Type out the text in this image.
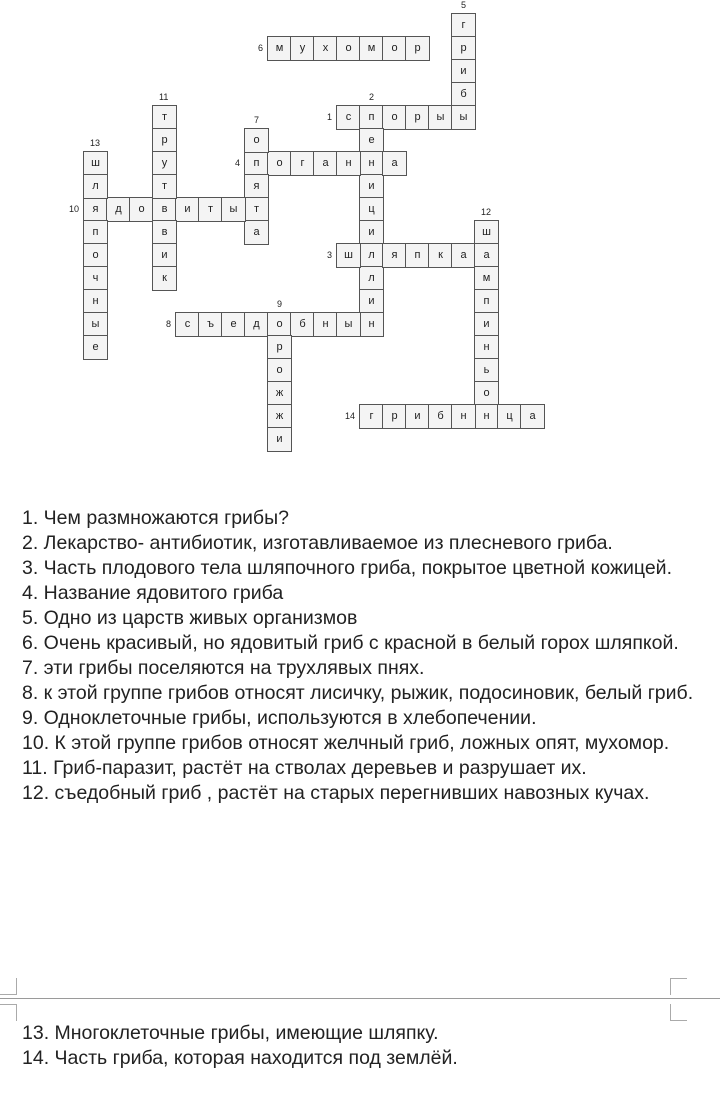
с	п	о	р	ы
1
е
н
и
ц
и
л
л
и
н
2
ш	я	п	к	а
3
п	о	г	а	н	а
4
г
р
и
б
ы
5
м	у	х	о	м	о	р
6
о
я
т
а
7
с	ъ	е	д	о	б	н	ы
8
р
о
ж
ж
и
9
я	д	о	в	и	т	ы
10
т
р
у
т
в
и
к
11
ш
а
м
п
и
н
ь
о
н
12
ш
л
п
о
ч
н
ы
е
13
г	р	и	б	н	ц	а
14
1. Чем размножаются грибы?
2. Лекарство- антибиотик, изготавливаемое из плесневого гриба.
3. Часть плодового тела шляпочного гриба, покрытое цветной кожицей.
4. Название ядовитого гриба
5. Одно из царств живых организмов
6. Очень красивый, но ядовитый гриб с красной в белый горох шляпкой.
7. эти грибы поселяются на трухлявых пнях.
8. к этой группе грибов относят лисичку, рыжик, подосиновик, белый гриб.
9. Одноклеточные грибы, используются в хлебопечении.
10. К этой группе грибов относят желчный гриб, ложных опят, мухомор.
11. Гриб-паразит, растёт на стволах деревьев и разрушает их.
12. съедобный гриб , растёт на старых перегнивших навозных кучах.
13. Многоклеточные грибы, имеющие шляпку.
14. Часть гриба, которая находится под землёй.
